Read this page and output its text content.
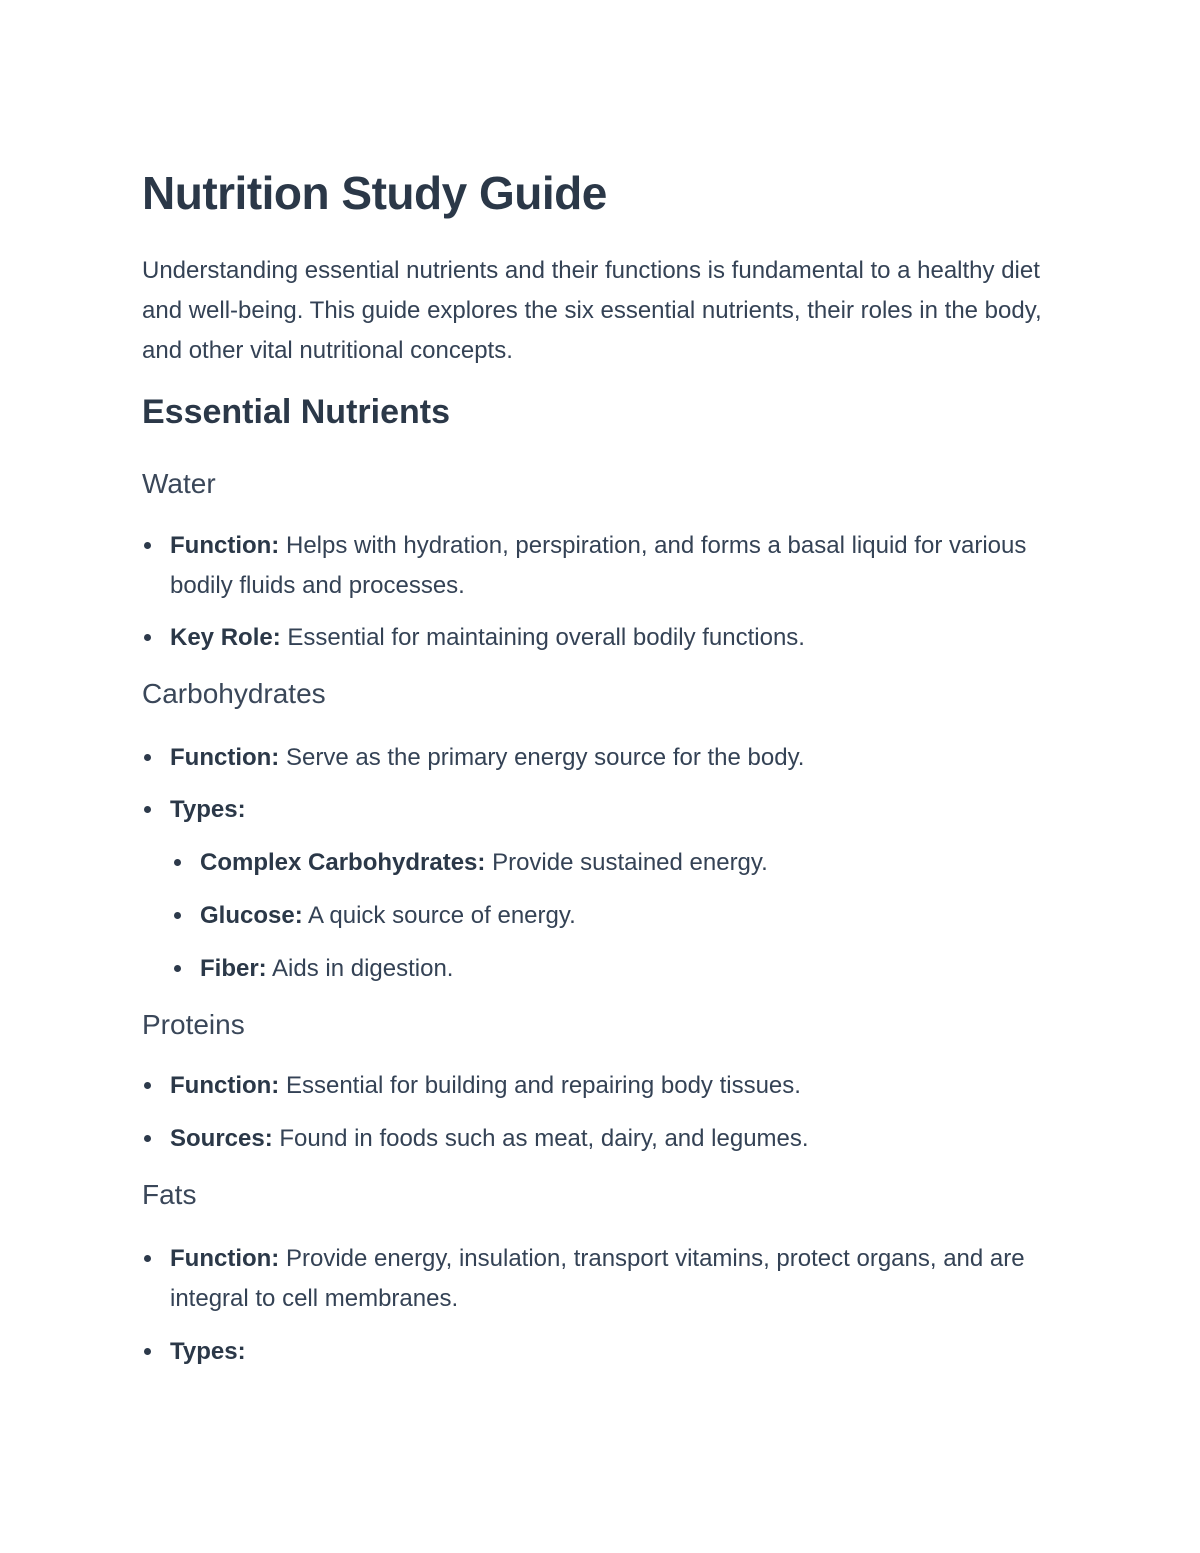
Nutrition Study Guide

Understanding essential nutrients and their functions is fundamental to a healthy diet and well-being. This guide explores the six essential nutrients, their roles in the body, and other vital nutritional concepts.

Essential Nutrients
Water
Function: Helps with hydration, perspiration, and forms a basal liquid for various bodily fluids and processes.
Key Role: Essential for maintaining overall bodily functions.
Carbohydrates
Function: Serve as the primary energy source for the body.
Types:
Complex Carbohydrates: Provide sustained energy.
Glucose: A quick source of energy.
Fiber: Aids in digestion.
Proteins
Function: Essential for building and repairing body tissues.
Sources: Found in foods such as meat, dairy, and legumes.
Fats
Function: Provide energy, insulation, transport vitamins, protect organs, and are integral to cell membranes.
Types:
